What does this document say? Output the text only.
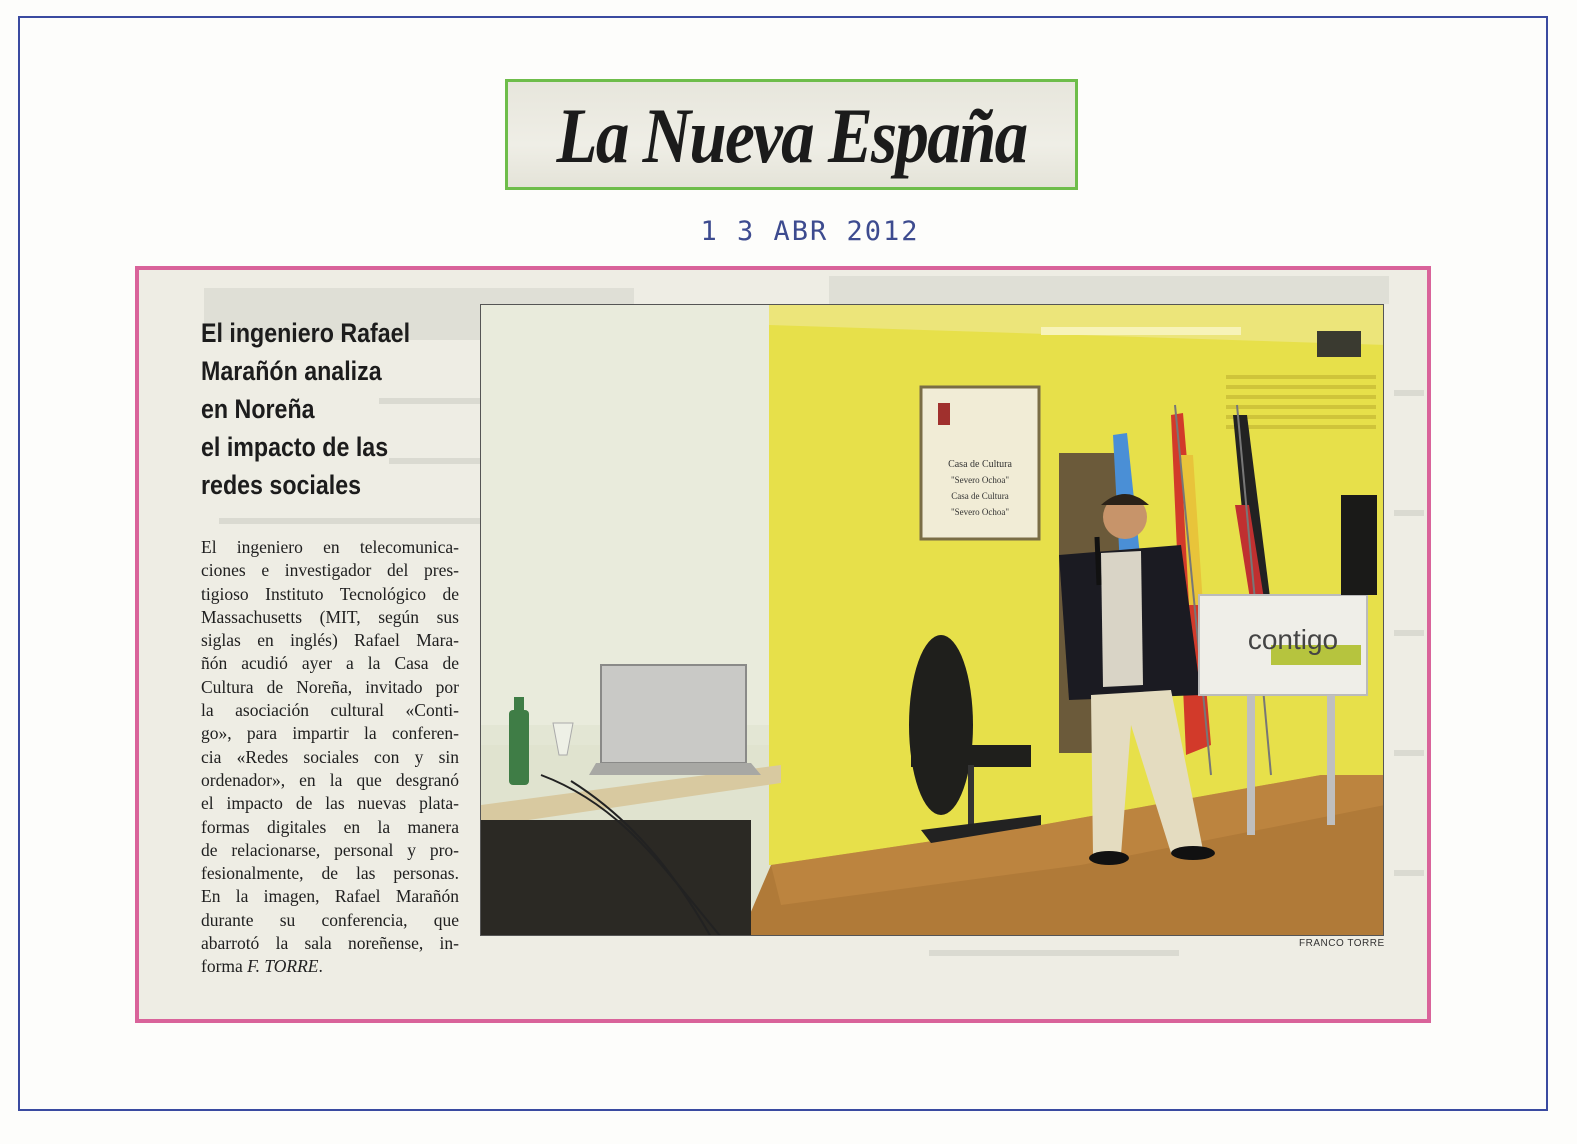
La Nueva España
1 3 ABR 2012
El ingeniero Rafael
Marañón analiza
en Noreña
el impacto de las
redes sociales
El ingeniero en telecomunica-
ciones e investigador del pres-
tigioso Instituto Tecnológico de
Massachusetts (MIT, según sus
siglas en inglés) Rafael Mara-
ñón acudió ayer a la Casa de
Cultura de Noreña, invitado por
la asociación cultural «Conti-
go», para impartir la conferen-
cia «Redes sociales con y sin
ordenador», en la que desgranó
el impacto de las nuevas plata-
formas digitales en la manera
de relacionarse, personal y pro-
fesionalmente, de las personas.
En la imagen, Rafael Marañón
durante su conferencia, que
abarrotó la sala noreñense, in-
forma F. TORRE.
Casa de Cultura
"Severo Ochoa"
Casa de Cultura
"Severo Ochoa"
contigo
FRANCO TORRE
